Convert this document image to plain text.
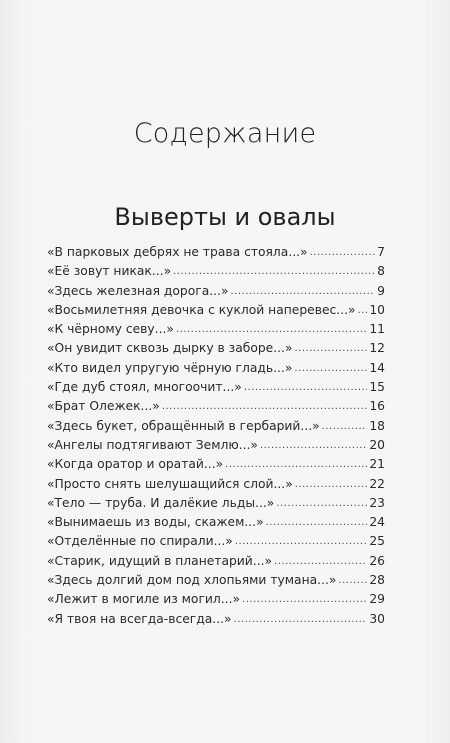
Содержание
Выверты и овалы
«В парковых дебрях не трава стояла...» .....	7
«Её зовут никак...» .....	8
«Здесь железная дорога...» .....	9
«Восьмилетняя девочка с куклой наперевес...» ..... 10
«К чёрному севу...» .....	11
«Он увидит сквозь дырку в заборе...» .....	12
«Кто видел упругую чёрную гладь...» .....	14
«Где дуб стоял, многоочит...» .....	15
«Брат Олежек...» .....	16
«Здесь букет, обращённый в гербарий...» .....	18
«Ангелы подтягивают Землю...» .....	20
«Когда оратор и оратай...» .....	21
«Просто снять шелушащийся слой...» .....	22
«Тело — труба. И далёкие льды...» .....	23
«Вынимаешь из воды, скажем...» .....	24
«Отделённые по спирали...» .....	25
«Старик, идущий в планетарий...» .....	26
«Здесь долгий дом под хлопьями тумана...» .....	28
«Лежит в могиле из могил...» .....	29
«Я твоя на всегда-всегда...» .....	30
